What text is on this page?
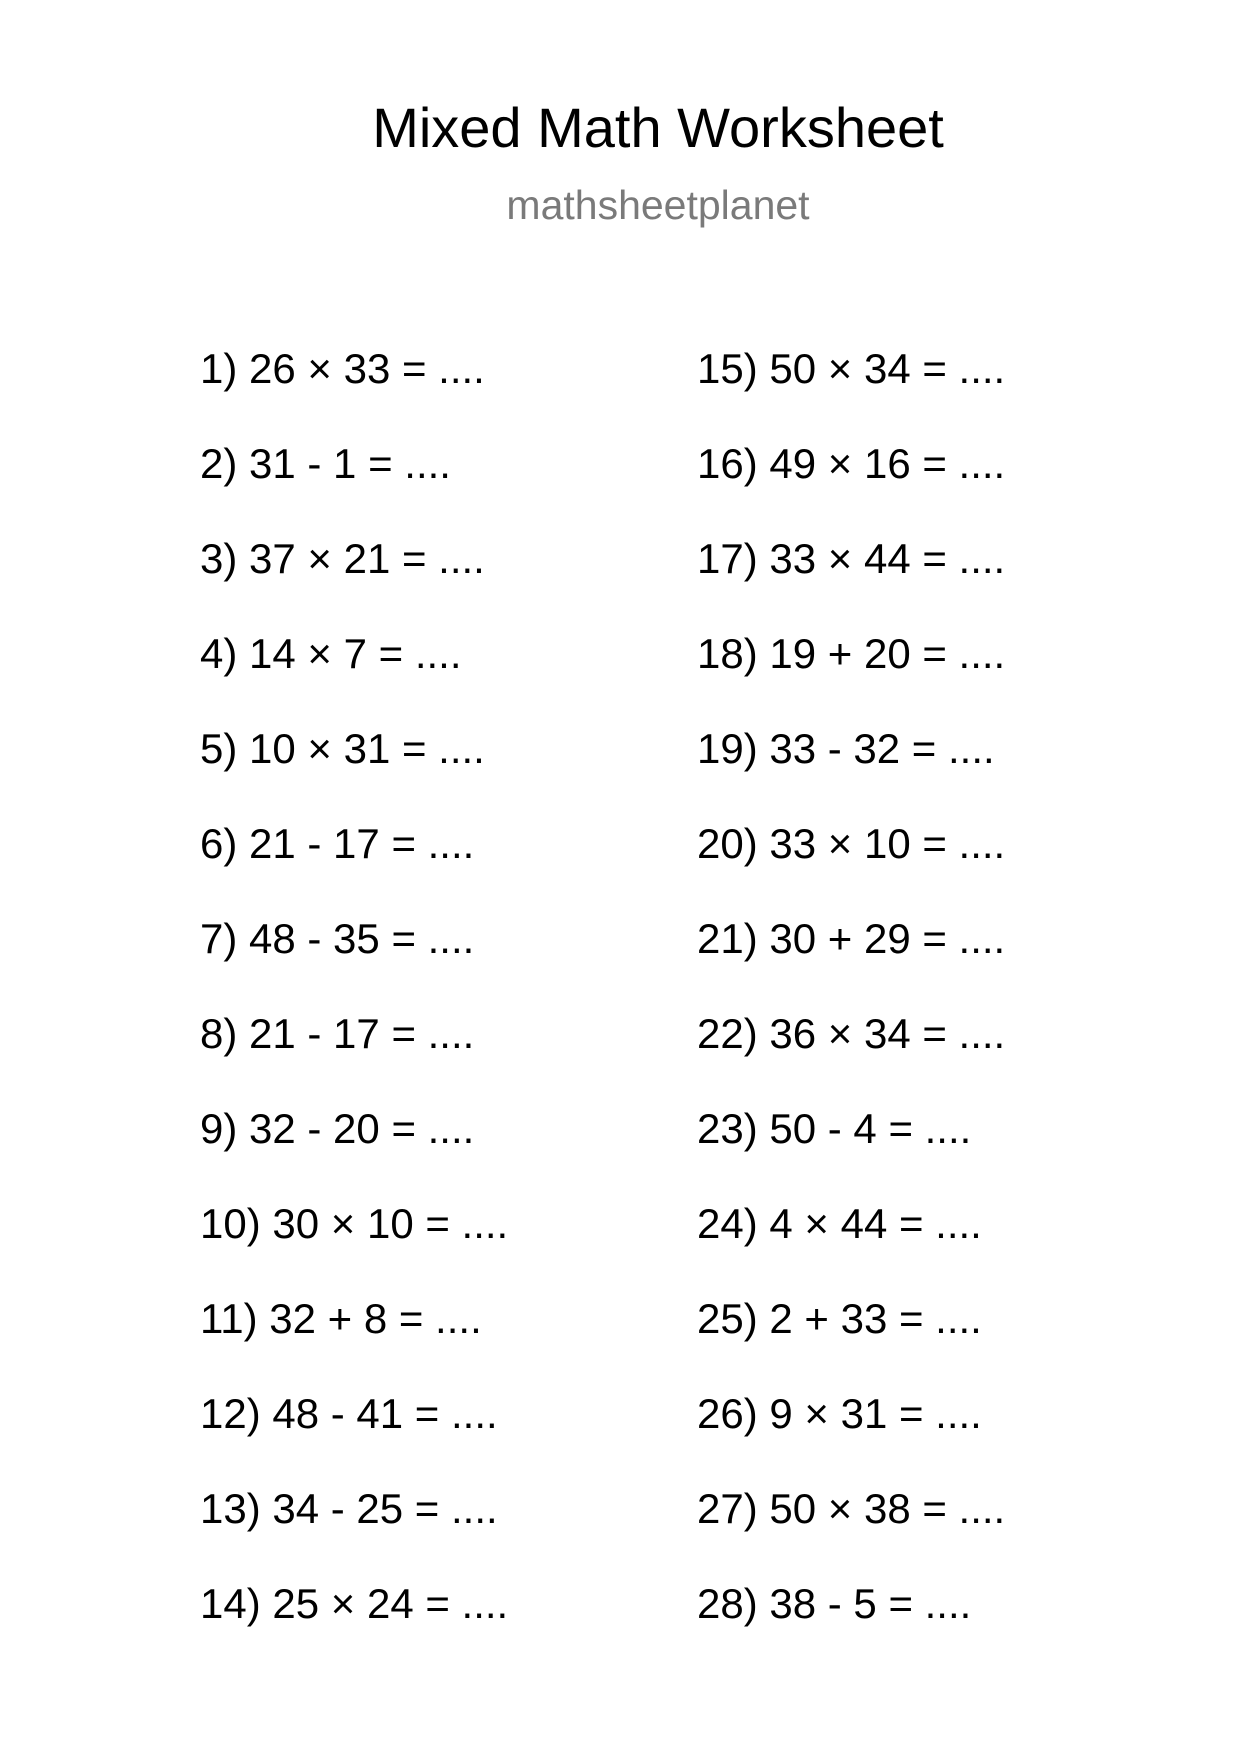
Mixed Math Worksheet
mathsheetplanet
1) 26 × 33 = ....
2) 31 - 1 = ....
3) 37 × 21 = ....
4) 14 × 7 = ....
5) 10 × 31 = ....
6) 21 - 17 = ....
7) 48 - 35 = ....
8) 21 - 17 = ....
9) 32 - 20 = ....
10) 30 × 10 = ....
11) 32 + 8 = ....
12) 48 - 41 = ....
13) 34 - 25 = ....
14) 25 × 24 = ....
15) 50 × 34 = ....
16) 49 × 16 = ....
17) 33 × 44 = ....
18) 19 + 20 = ....
19) 33 - 32 = ....
20) 33 × 10 = ....
21) 30 + 29 = ....
22) 36 × 34 = ....
23) 50 - 4 = ....
24) 4 × 44 = ....
25) 2 + 33 = ....
26) 9 × 31 = ....
27) 50 × 38 = ....
28) 38 - 5 = ....
